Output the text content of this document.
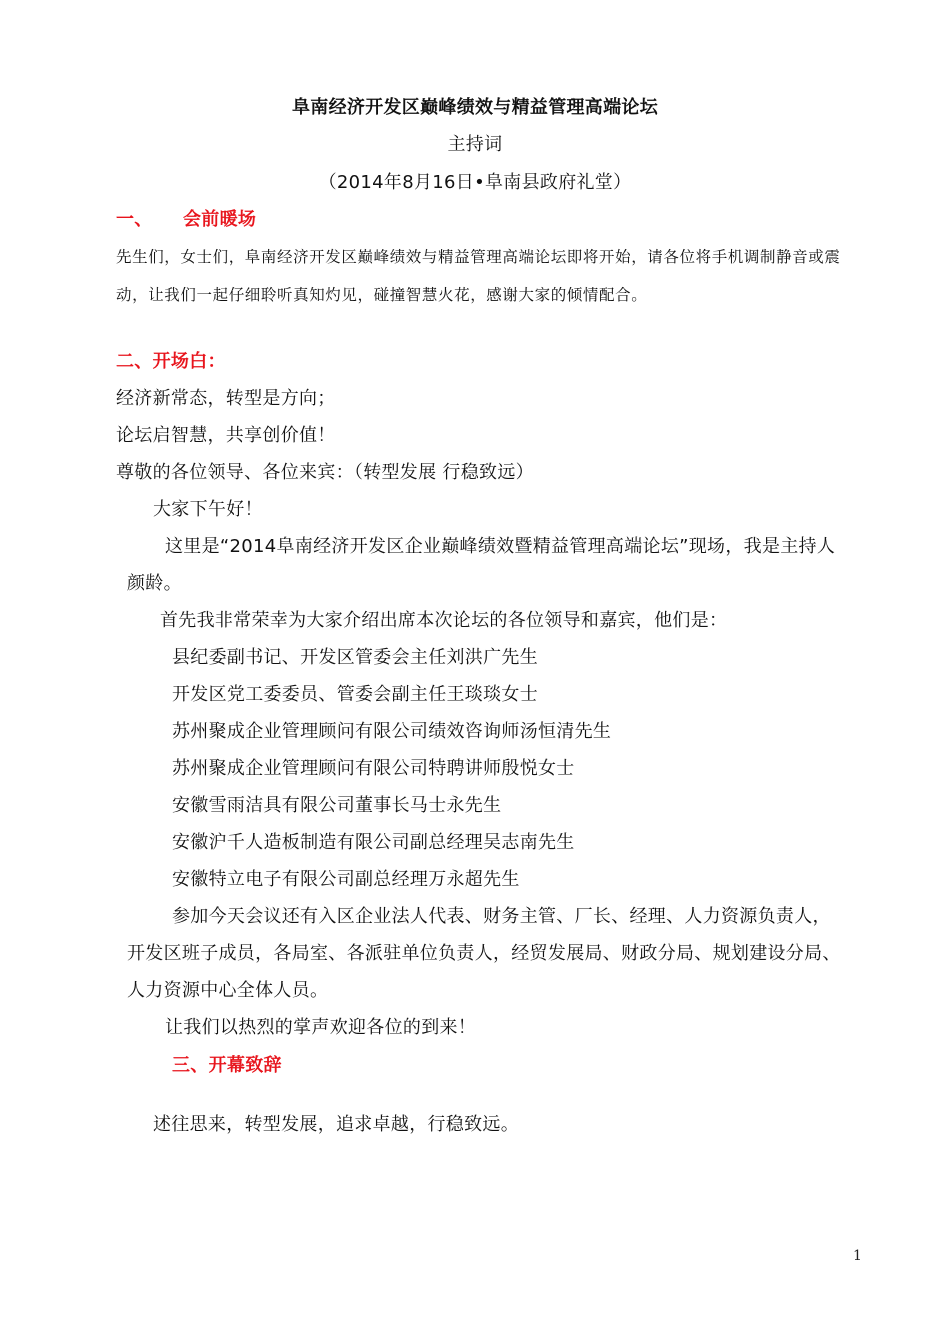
阜南经济开发区巅峰绩效与精益管理高端论坛
主持词
（2014年8月16日•阜南县政府礼堂）
一、 会前暖场
先生们，女士们，阜南经济开发区巅峰绩效与精益管理高端论坛即将开始，请各位将手机调制静音或震
动，让我们一起仔细聆听真知灼见，碰撞智慧火花，感谢大家的倾情配合。
二、开场白：
经济新常态，转型是方向；
论坛启智慧，共享创价值！
尊敬的各位领导、各位来宾：（转型发展 行稳致远）
大家下午好！
这里是“2014阜南经济开发区企业巅峰绩效暨精益管理高端论坛”现场，我是主持人
颜龄。
首先我非常荣幸为大家介绍出席本次论坛的各位领导和嘉宾，他们是：
县纪委副书记、开发区管委会主任刘洪广先生
开发区党工委委员、管委会副主任王琰琰女士
苏州聚成企业管理顾问有限公司绩效咨询师汤恒清先生
苏州聚成企业管理顾问有限公司特聘讲师殷悦女士
安徽雪雨洁具有限公司董事长马士永先生
安徽沪千人造板制造有限公司副总经理吴志南先生
安徽特立电子有限公司副总经理万永超先生
参加今天会议还有入区企业法人代表、财务主管、厂长、经理、人力资源负责人，
开发区班子成员，各局室、各派驻单位负责人，经贸发展局、财政分局、规划建设分局、
人力资源中心全体人员。
让我们以热烈的掌声欢迎各位的到来！
三、开幕致辞
述往思来，转型发展，追求卓越，行稳致远。
1
